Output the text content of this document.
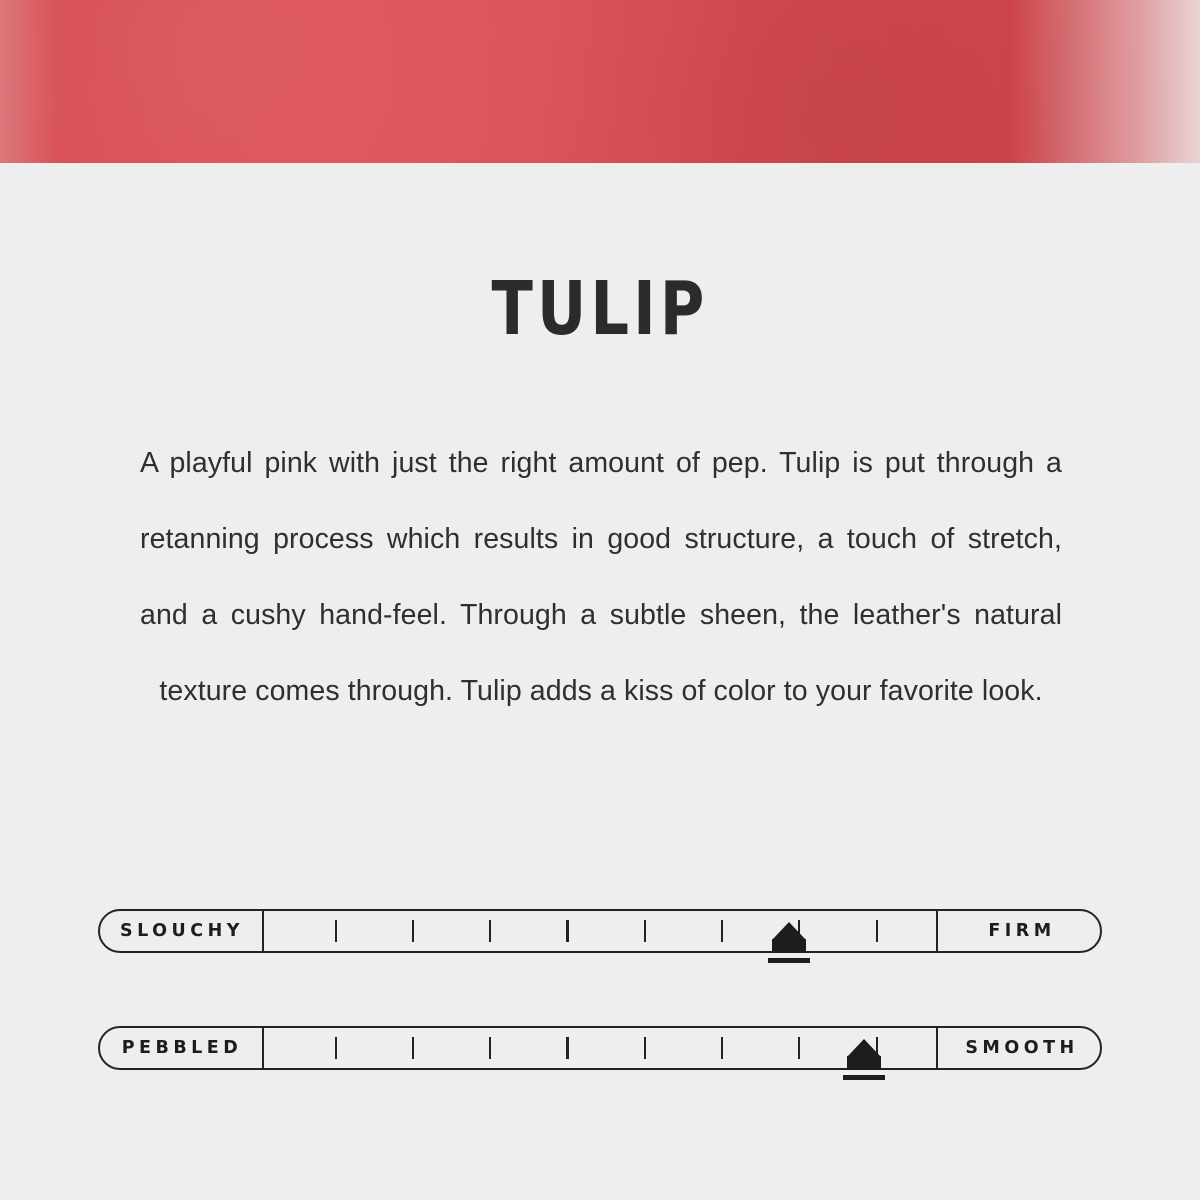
TULIP
A playful pink with just the right amount of pep. Tulip is put through a retanning process which results in good structure, a touch of stretch, and a cushy hand-feel. Through a subtle sheen, the leather's natural texture comes through. Tulip adds a kiss of color to your favorite look.
SLOUCHY	FIRM
PEBBLED	SMOOTH
